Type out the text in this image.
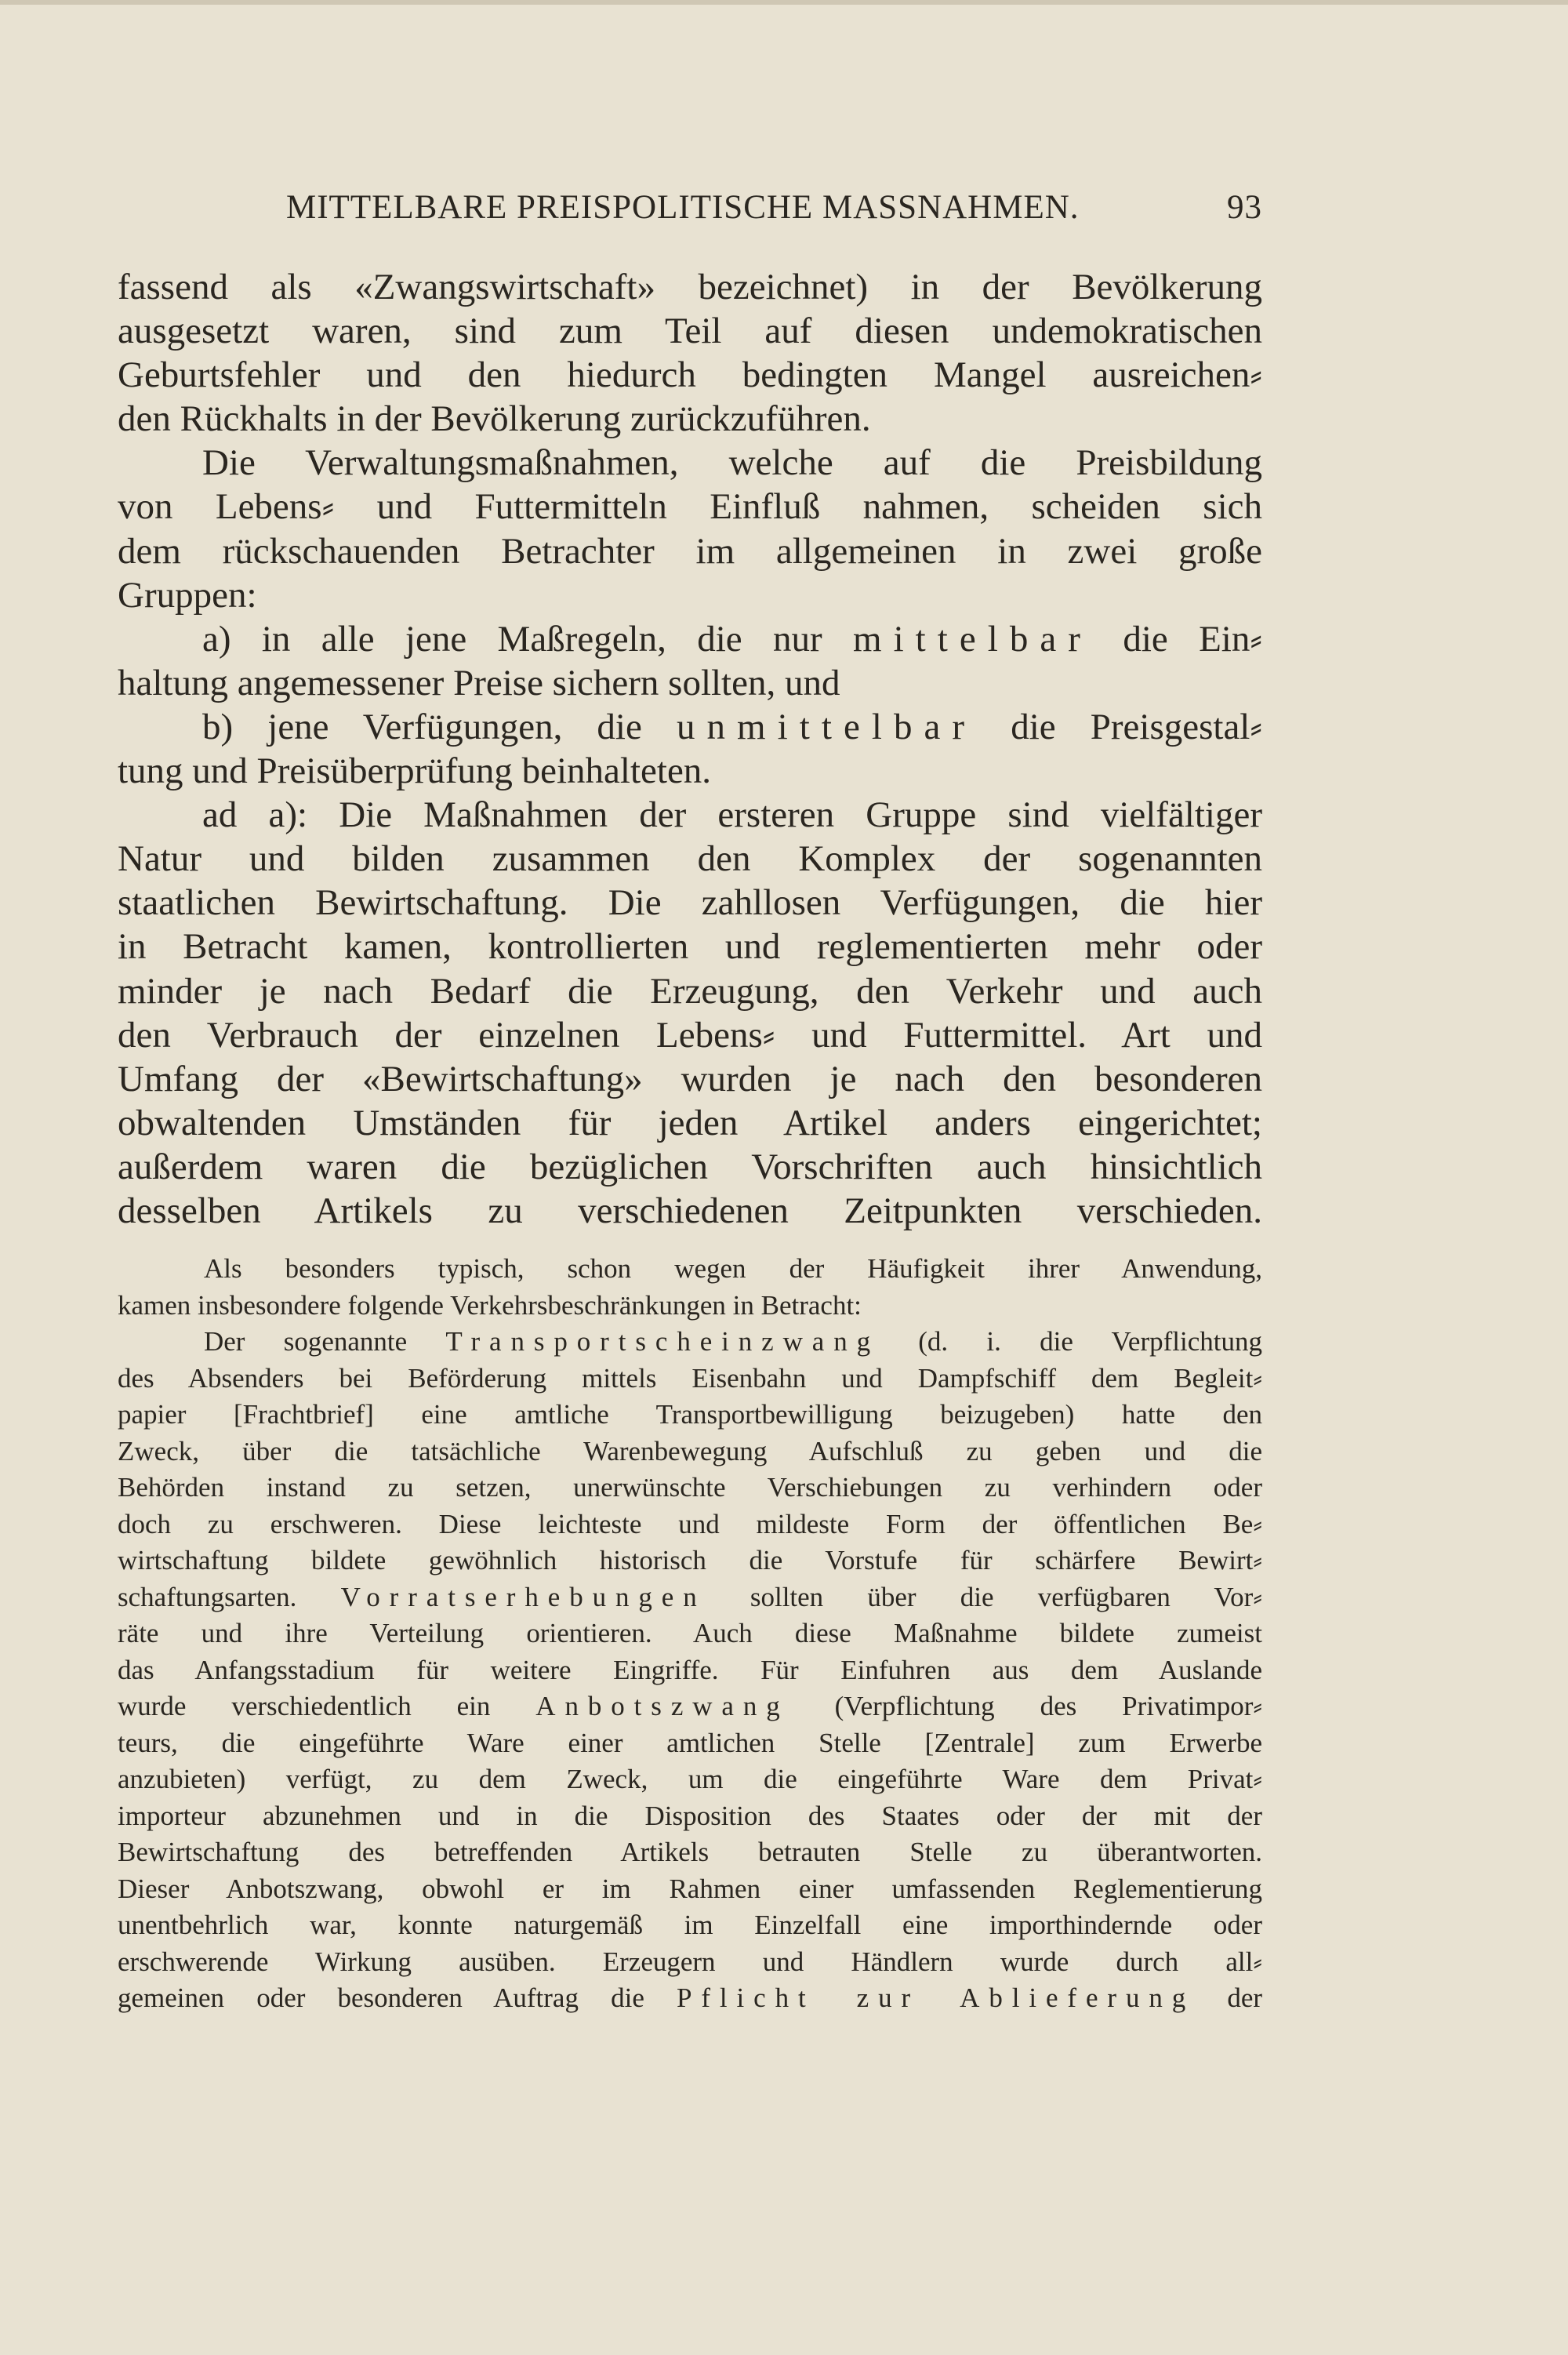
MITTELBARE PREISPOLITISCHE MASSNAHMEN.	93
fassend als «Zwangswirtschaft» bezeichnet) in der Bevölkerung
ausgesetzt waren, sind zum Teil auf diesen undemokratischen
Geburtsfehler und den hiedurch bedingten Mangel ausreichen⸗
den Rückhalts in der Bevölkerung zurückzuführen.
Die Verwaltungsmaßnahmen, welche auf die Preisbildung
von Lebens⸗ und Futtermitteln Einfluß nahmen, scheiden sich
dem rückschauenden Betrachter im allgemeinen in zwei große
Gruppen:
a) in alle jene Maßregeln, die nur mittelbar die Ein⸗
haltung angemessener Preise sichern sollten, und
b) jene Verfügungen, die unmittelbar die Preisgestal⸗
tung und Preisüberprüfung beinhalteten.
ad a): Die Maßnahmen der ersteren Gruppe sind vielfältiger
Natur und bilden zusammen den Komplex der sogenannten
staatlichen Bewirtschaftung. Die zahllosen Verfügungen, die hier
in Betracht kamen, kontrollierten und reglementierten mehr oder
minder je nach Bedarf die Erzeugung, den Verkehr und auch
den Verbrauch der einzelnen Lebens⸗ und Futtermittel. Art und
Umfang der «Bewirtschaftung» wurden je nach den besonderen
obwaltenden Umständen für jeden Artikel anders eingerichtet;
außerdem waren die bezüglichen Vorschriften auch hinsichtlich
desselben Artikels zu verschiedenen Zeitpunkten verschieden.
Als besonders typisch, schon wegen der Häufigkeit ihrer Anwendung,
kamen insbesondere folgende Verkehrsbeschränkungen in Betracht:
Der sogenannte Transportscheinzwang (d. i. die Verpflichtung
des Absenders bei Beförderung mittels Eisenbahn und Dampfschiff dem Begleit⸗
papier [Frachtbrief] eine amtliche Transportbewilligung beizugeben) hatte den
Zweck, über die tatsächliche Warenbewegung Aufschluß zu geben und die
Behörden instand zu setzen, unerwünschte Verschiebungen zu verhindern oder
doch zu erschweren. Diese leichteste und mildeste Form der öffentlichen Be⸗
wirtschaftung bildete gewöhnlich historisch die Vorstufe für schärfere Bewirt⸗
schaftungsarten. Vorratserhebungen sollten über die verfügbaren Vor⸗
räte und ihre Verteilung orientieren. Auch diese Maßnahme bildete zumeist
das Anfangsstadium für weitere Eingriffe. Für Einfuhren aus dem Auslande
wurde verschiedentlich ein Anbotszwang (Verpflichtung des Privatimpor⸗
teurs, die eingeführte Ware einer amtlichen Stelle [Zentrale] zum Erwerbe
anzubieten) verfügt, zu dem Zweck, um die eingeführte Ware dem Privat⸗
importeur abzunehmen und in die Disposition des Staates oder der mit der
Bewirtschaftung des betreffenden Artikels betrauten Stelle zu überantworten.
Dieser Anbotszwang, obwohl er im Rahmen einer umfassenden Reglementierung
unentbehrlich war, konnte naturgemäß im Einzelfall eine importhindernde oder
erschwerende Wirkung ausüben. Erzeugern und Händlern wurde durch all⸗
gemeinen oder besonderen Auftrag die Pflicht zur Ablieferung der
